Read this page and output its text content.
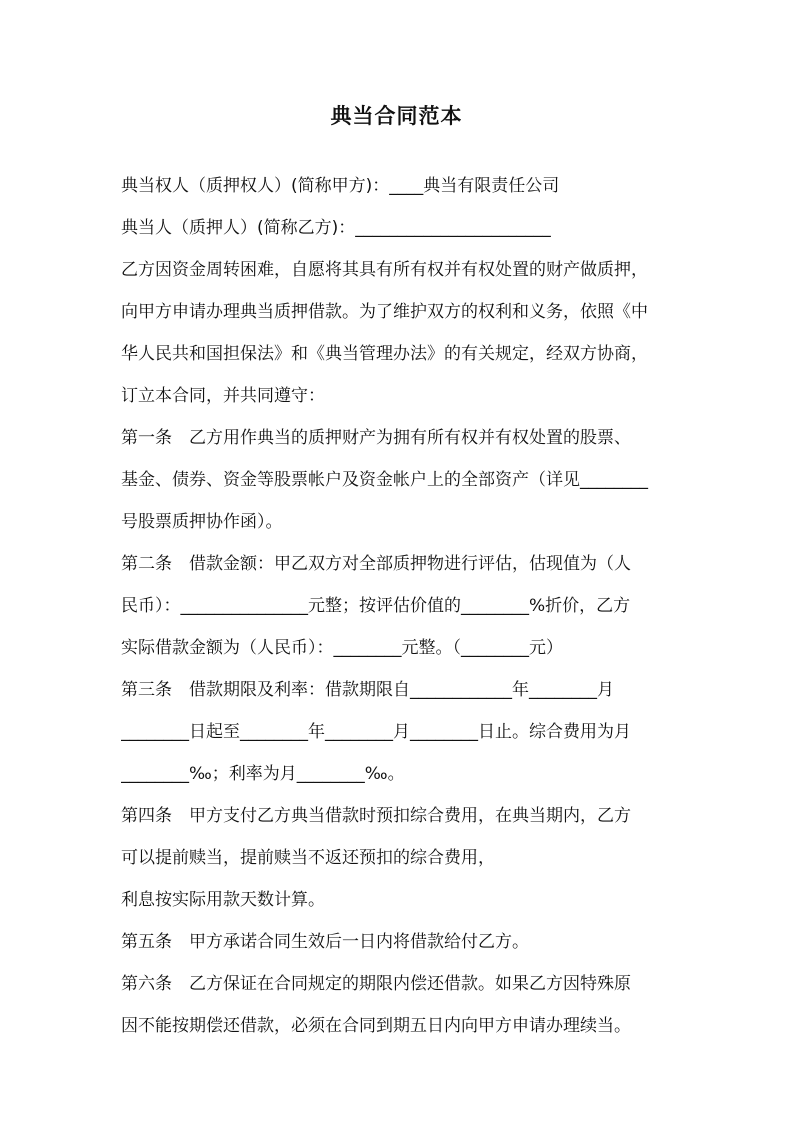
典当合同范本
典当权人（质押权人）(简称甲方)：____典当有限责任公司
典当人（质押人）(简称乙方)：_______________________
乙方因资金周转困难，自愿将其具有所有权并有权处置的财产做质押，
向甲方申请办理典当质押借款。为了维护双方的权利和义务，依照《中
华人民共和国担保法》和《典当管理办法》的有关规定，经双方协商，
订立本合同，并共同遵守：
第一条　乙方用作典当的质押财产为拥有所有权并有权处置的股票、
基金、债券、资金等股票帐户及资金帐户上的全部资产（详见________
号股票质押协作函）。
第二条　借款金额：甲乙双方对全部质押物进行评估，估现值为（人
民币）：_______________元整；按评估价值的________%折价，乙方
实际借款金额为（人民币）：________元整。（________元）
第三条　借款期限及利率：借款期限自____________年________月
________日起至________年________月________日止。综合费用为月
________‰；利率为月________‰。
第四条　甲方支付乙方典当借款时预扣综合费用，在典当期内，乙方
可以提前赎当，提前赎当不返还预扣的综合费用，
利息按实际用款天数计算。
第五条　甲方承诺合同生效后一日内将借款给付乙方。
第六条　乙方保证在合同规定的期限内偿还借款。如果乙方因特殊原
因不能按期偿还借款，必须在合同到期五日内向甲方申请办理续当。
